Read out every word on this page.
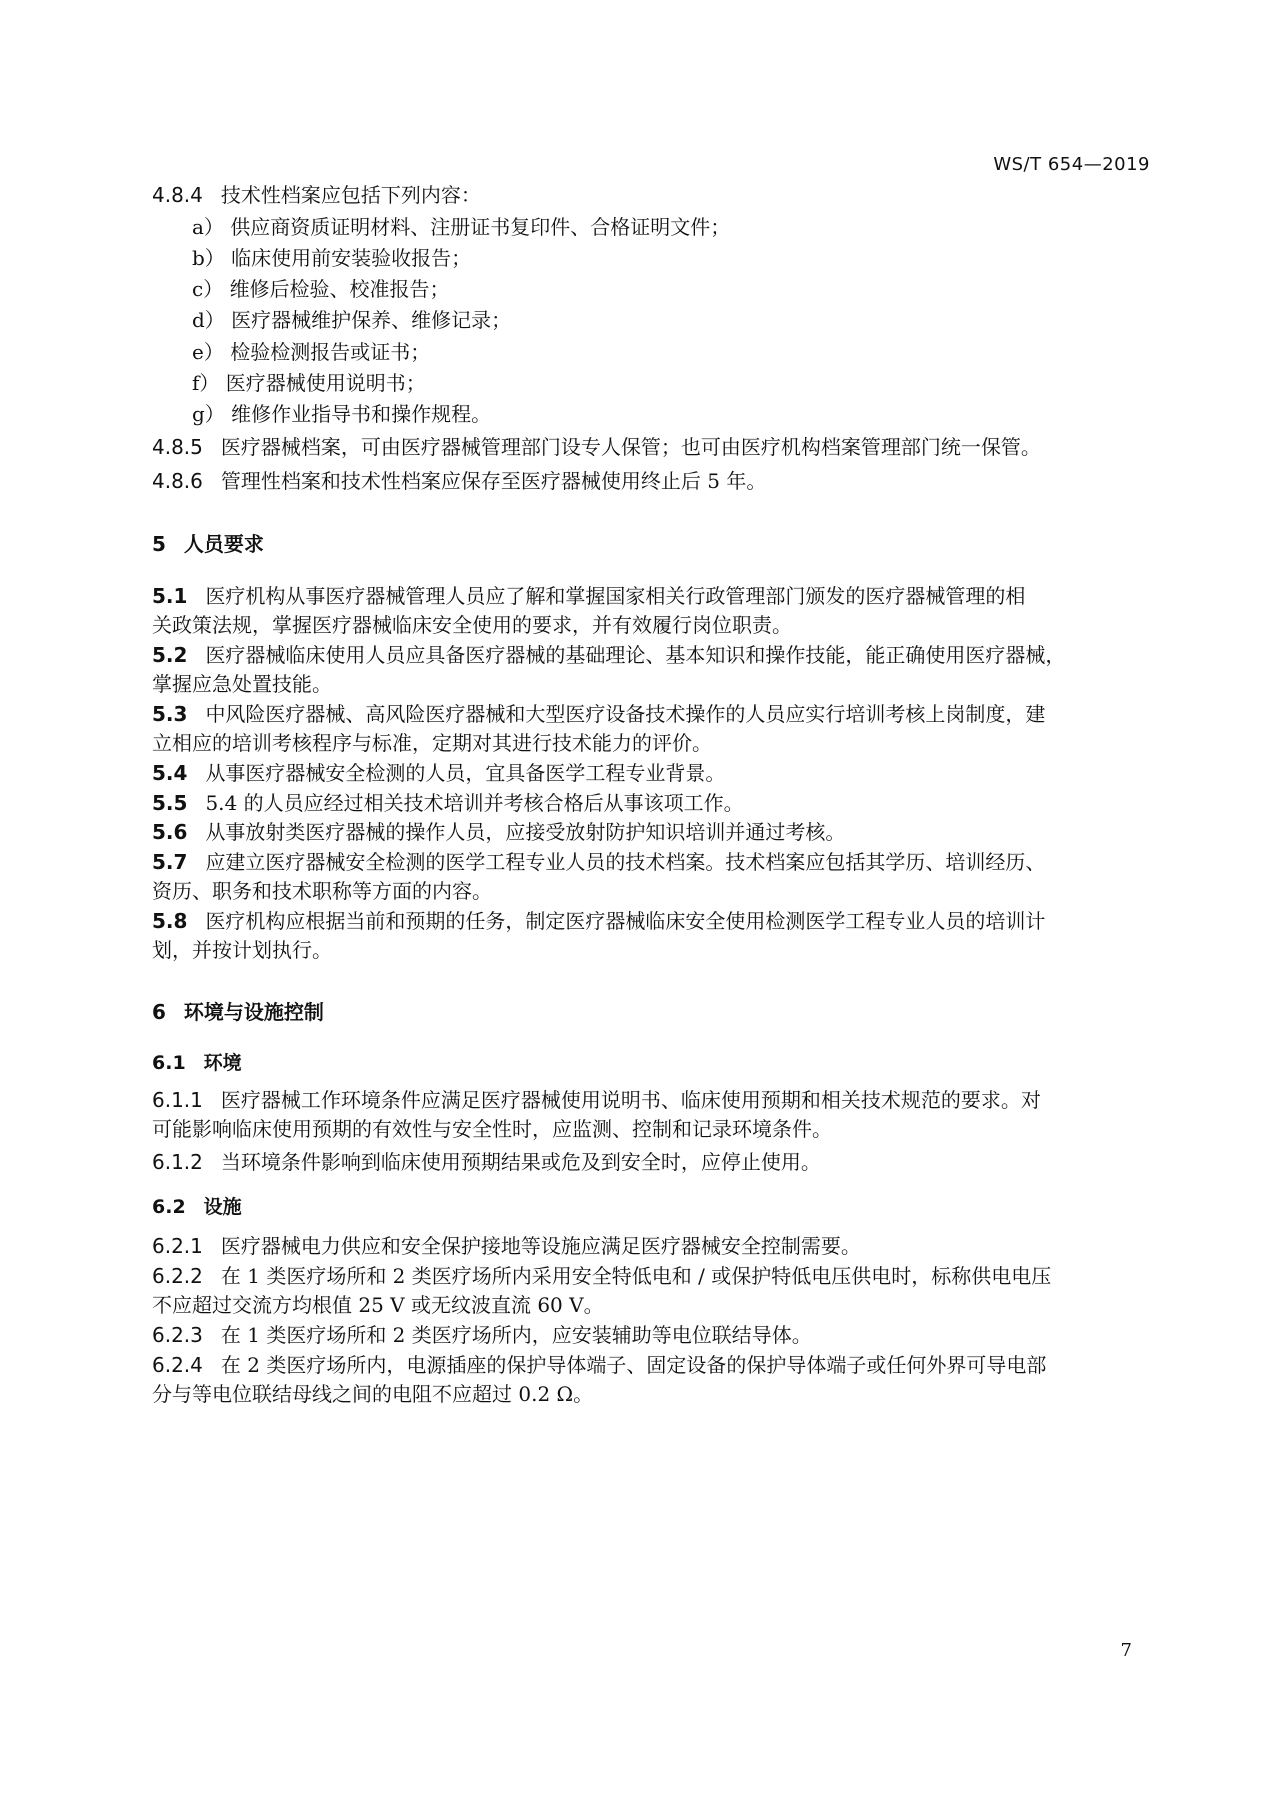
WS/T 654—2019
4.8.4 技术性档案应包括下列内容：
a） 供应商资质证明材料、注册证书复印件、合格证明文件；
b） 临床使用前安装验收报告；
c） 维修后检验、校准报告；
d） 医疗器械维护保养、维修记录；
e） 检验检测报告或证书；
f） 医疗器械使用说明书；
g） 维修作业指导书和操作规程。
4.8.5 医疗器械档案，可由医疗器械管理部门设专人保管；也可由医疗机构档案管理部门统一保管。
4.8.6 管理性档案和技术性档案应保存至医疗器械使用终止后 5 年。
5 人员要求
5.1 医疗机构从事医疗器械管理人员应了解和掌握国家相关行政管理部门颁发的医疗器械管理的相
关政策法规，掌握医疗器械临床安全使用的要求，并有效履行岗位职责。
5.2 医疗器械临床使用人员应具备医疗器械的基础理论、基本知识和操作技能，能正确使用医疗器械，
掌握应急处置技能。
5.3 中风险医疗器械、高风险医疗器械和大型医疗设备技术操作的人员应实行培训考核上岗制度，建
立相应的培训考核程序与标准，定期对其进行技术能力的评价。
5.4 从事医疗器械安全检测的人员，宜具备医学工程专业背景。
5.5 5.4 的人员应经过相关技术培训并考核合格后从事该项工作。
5.6 从事放射类医疗器械的操作人员，应接受放射防护知识培训并通过考核。
5.7 应建立医疗器械安全检测的医学工程专业人员的技术档案。技术档案应包括其学历、培训经历、
资历、职务和技术职称等方面的内容。
5.8 医疗机构应根据当前和预期的任务，制定医疗器械临床安全使用检测医学工程专业人员的培训计
划，并按计划执行。
6 环境与设施控制
6.1 环境
6.1.1 医疗器械工作环境条件应满足医疗器械使用说明书、临床使用预期和相关技术规范的要求。对
可能影响临床使用预期的有效性与安全性时，应监测、控制和记录环境条件。
6.1.2 当环境条件影响到临床使用预期结果或危及到安全时，应停止使用。
6.2 设施
6.2.1 医疗器械电力供应和安全保护接地等设施应满足医疗器械安全控制需要。
6.2.2 在 1 类医疗场所和 2 类医疗场所内采用安全特低电和 / 或保护特低电压供电时，标称供电电压
不应超过交流方均根值 25 V 或无纹波直流 60 V。
6.2.3 在 1 类医疗场所和 2 类医疗场所内，应安装辅助等电位联结导体。
6.2.4 在 2 类医疗场所内，电源插座的保护导体端子、固定设备的保护导体端子或任何外界可导电部
分与等电位联结母线之间的电阻不应超过 0.2 Ω。
7
